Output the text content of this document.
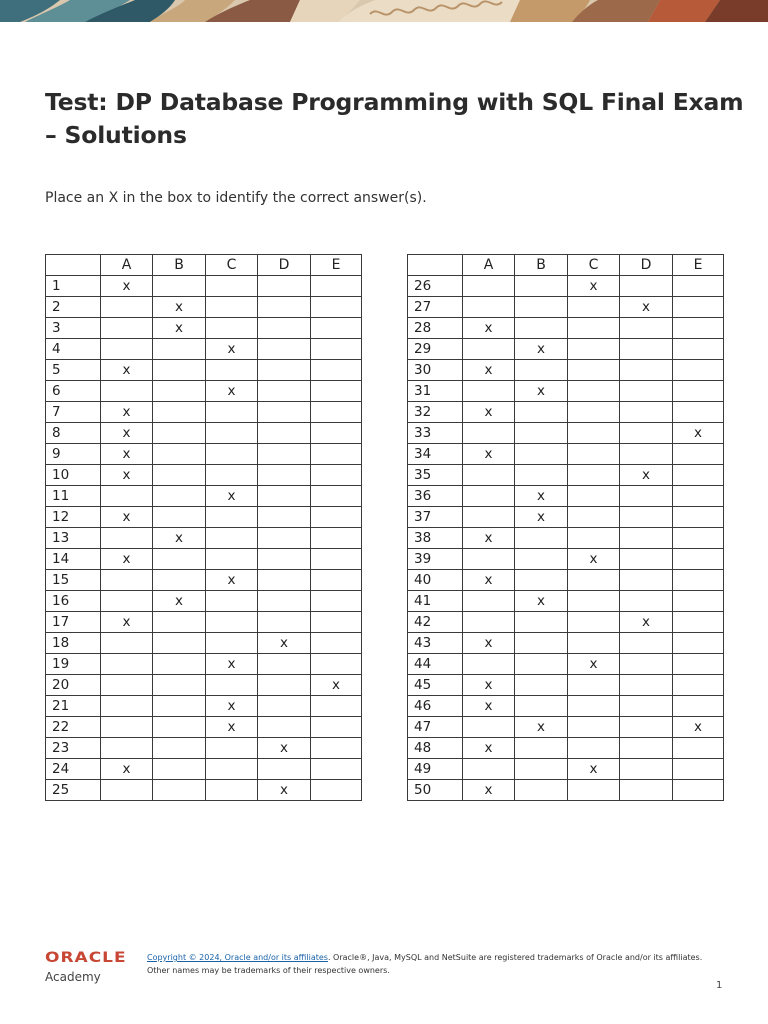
Test: DP Database Programming with SQL Final Exam – Solutions

Place an X in the box to identify the correct answer(s).

	A	B	C	D	E
1	x				
2		x			
3		x			
4			x		
5	x				
6			x		
7	x				
8	x				
9	x				
10	x				
11			x		
12	x				
13		x			
14	x				
15			x		
16		x			
17	x				
18				x	
19			x		
20					x
21			x		
22			x		
23				x	
24	x				
25				x	
	A	B	C	D	E
26			x		
27				x	
28	x				
29		x			
30	x				
31		x			
32	x				
33					x
34	x				
35				x	
36		x			
37		x			
38	x				
39			x		
40	x				
41		x			
42				x	
43	x				
44			x		
45	x				
46	x				
47		x			x
48	x				
49			x		
50	x				
ORACLE
Academy
Copyright © 2024, Oracle and/or its affiliates. Oracle®, Java, MySQL and NetSuite are registered trademarks of Oracle and/or its affiliates. Other names may be trademarks of their respective owners.
1
